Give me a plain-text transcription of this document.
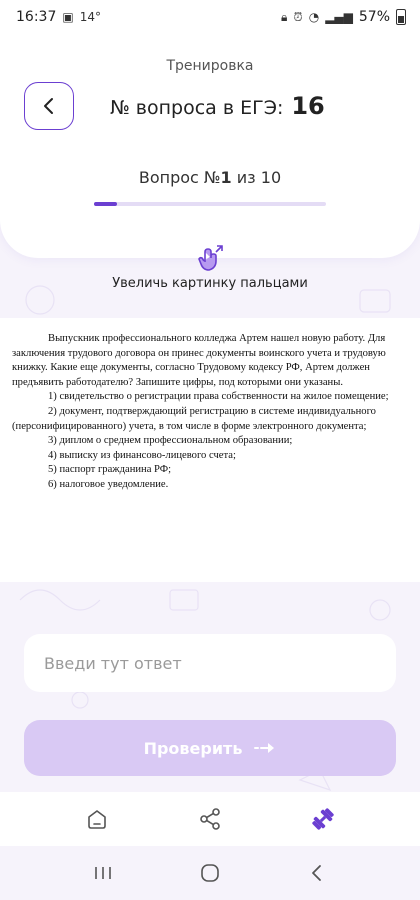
16:37 ▣ 14°	🔒︎ ⏰︎ ◔ ▂▄▆ 57%
Тренировка
№ вопроса в ЕГЭ: 16
Вопрос №1 из 10
Увеличь картинку пальцами

Выпускник профессионального колледжа Артем нашел новую работу. Для заключения трудового договора он принес документы воинского учета и трудовую книжку. Какие еще документы, согласно Трудовому кодексу РФ, Артем должен предъявить работодателю? Запишите цифры, под которыми они указаны.

1) свидетельство о регистрации права собственности на жилое помещение;

2) документ, подтверждающий регистрацию в системе индивидуального (персонифицированного) учета, в том числе в форме электронного документа;

3) диплом о среднем профессиональном образовании;

4) выписку из финансово-лицевого счета;

5) паспорт гражданина РФ;

6) налоговое уведомление.

Введи тут ответ
Проверить
